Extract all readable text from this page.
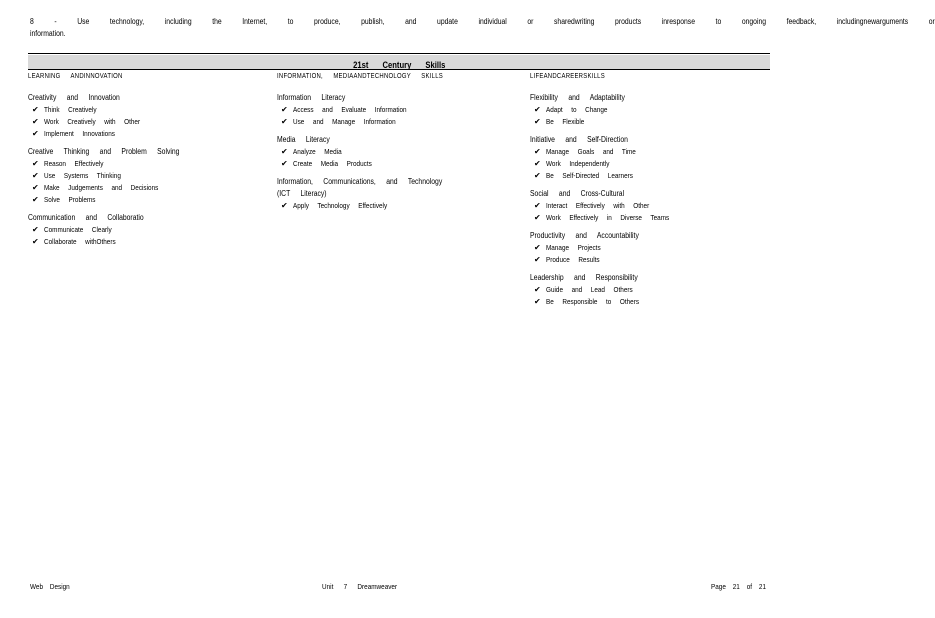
8 - Use technology, including the Internet, to produce, publish, and update individual or sharedwriting products inresponse to ongoing feedback, includingnewarguments or
information.
21st Century Skills
LEARNING ANDINNOVATION
Creativity and Innovation
✔ Think Creatively
✔ Work Creatively with Other
✔ Implement Innovations
Creative Thinking and Problem Solving
✔ Reason Effectively
✔ Use Systems Thinking
✔ Make Judgements and Decisions
✔ Solve Problems
Communication and Collaboratio
✔ Communicate Clearly
✔ Collaborate withOthers
INFORMATION, MEDIAANDTECHNOLOGY SKILLS
Information Literacy
✔ Access and Evaluate Information
✔ Use and Manage Information
Media Literacy
✔ Analyze Media
✔ Create Media Products
Information, Communications, and Technology
(ICT Literacy)
✔ Apply Technology Effectively
LIFEANDCAREERSKILLS
Flexibility and Adaptability
✔ Adapt to Change
✔ Be Flexible
Initiative and Self-Direction
✔ Manage Goals and Time
✔ Work Independently
✔ Be Self-Directed Learners
Social and Cross-Cultural
✔ Interact Effectively with Other
✔ Work Effectively in Diverse Teams
Productivity and Accountability
✔ Manage Projects
✔ Produce Results
Leadership and Responsibility
✔ Guide and Lead Others
✔ Be Responsible to Others
Web Design	Unit 7 Dreamweaver	Page 21 of 21
